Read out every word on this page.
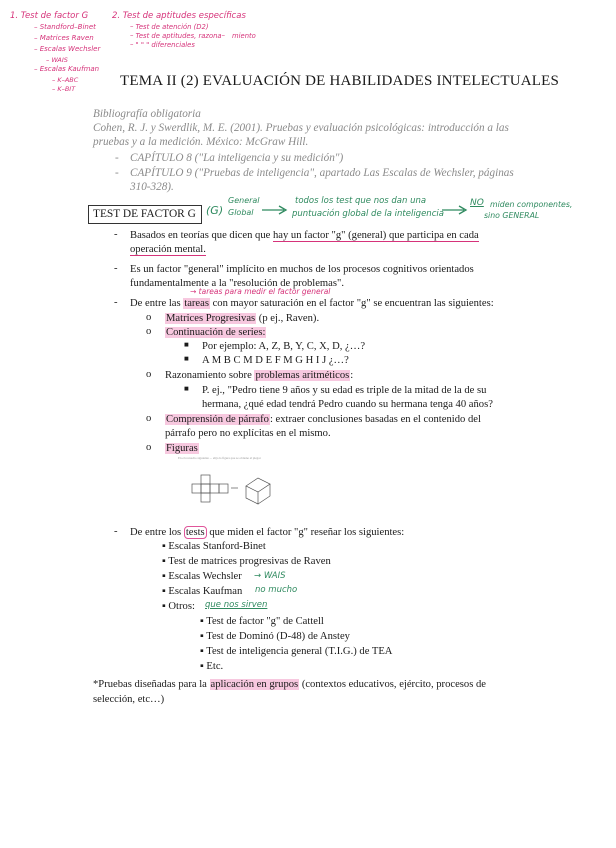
1. Test de factor G
– Standford–Binet
– Matrices Raven
– Escalas Wechsler
– WAIS
– Escalas Kaufman
– K–ABC
– K–BIT
2. Test de aptitudes específicas
– Test de atención (D2)
– Test de aptitudes, razona– miento
– " " " diferenciales
TEMA II (2) EVALUACIÓN DE HABILIDADES INTELECTUALES
Bibliografía obligatoria
Cohen, R. J. y Swerdlik, M. E. (2001). Pruebas y evaluación psicológicas: introducción a las
pruebas y a la medición. México: McGraw Hill.
- CAPÍTULO 8 ("La inteligencia y su medición")
- CAPÍTULO 9 ("Pruebas de inteligencia", apartado Las Escalas de Wechsler, páginas
310-328).
TEST DE FACTOR G (G)
General
Global
todos los test que nos dan una
puntuación global de la inteligencia
NO miden componentes,
sino GENERAL
- Basados en teorías que dicen que hay un factor "g" (general) que participa en cada
operación mental.
- Es un factor "general" implícito en muchos de los procesos cognitivos orientados
fundamentalmente a la "resolución de problemas".
→ tareas para medir el factor general
- De entre las tareas con mayor saturación en el factor "g" se encuentran las siguientes:
o Matrices Progresivas (p ej., Raven).
o Continuación de series:
■ Por ejemplo: A, Z, B, Y, C, X, D, ¿…?
■ A M B C M D E F M G H I J ¿…?
o Razonamiento sobre problemas aritméticos:
■ P. ej., "Pedro tiene 9 años y su edad es triple de la mitad de la de su
hermana, ¿qué edad tendrá Pedro cuando su hermana tenga 40 años?
o Comprensión de párrafo: extraer conclusiones basadas en el contenido del
párrafo pero no explícitas en el mismo.
o Figuras
En el recuadro siguiente ... elija la figura que se obtiene al plegar
- De entre los tests que miden el factor "g" reseñar los siguientes:
▪ Escalas Stanford-Binet
▪ Test de matrices progresivas de Raven
▪ Escalas Wechsler → WAIS
▪ Escalas Kaufman no mucho
▪ Otros: que nos sirven
▪ Test de factor "g" de Cattell
▪ Test de Dominó (D-48) de Anstey
▪ Test de inteligencia general (T.I.G.) de TEA
▪ Etc.
*Pruebas diseñadas para la aplicación en grupos (contextos educativos, ejército, procesos de
selección, etc…)
